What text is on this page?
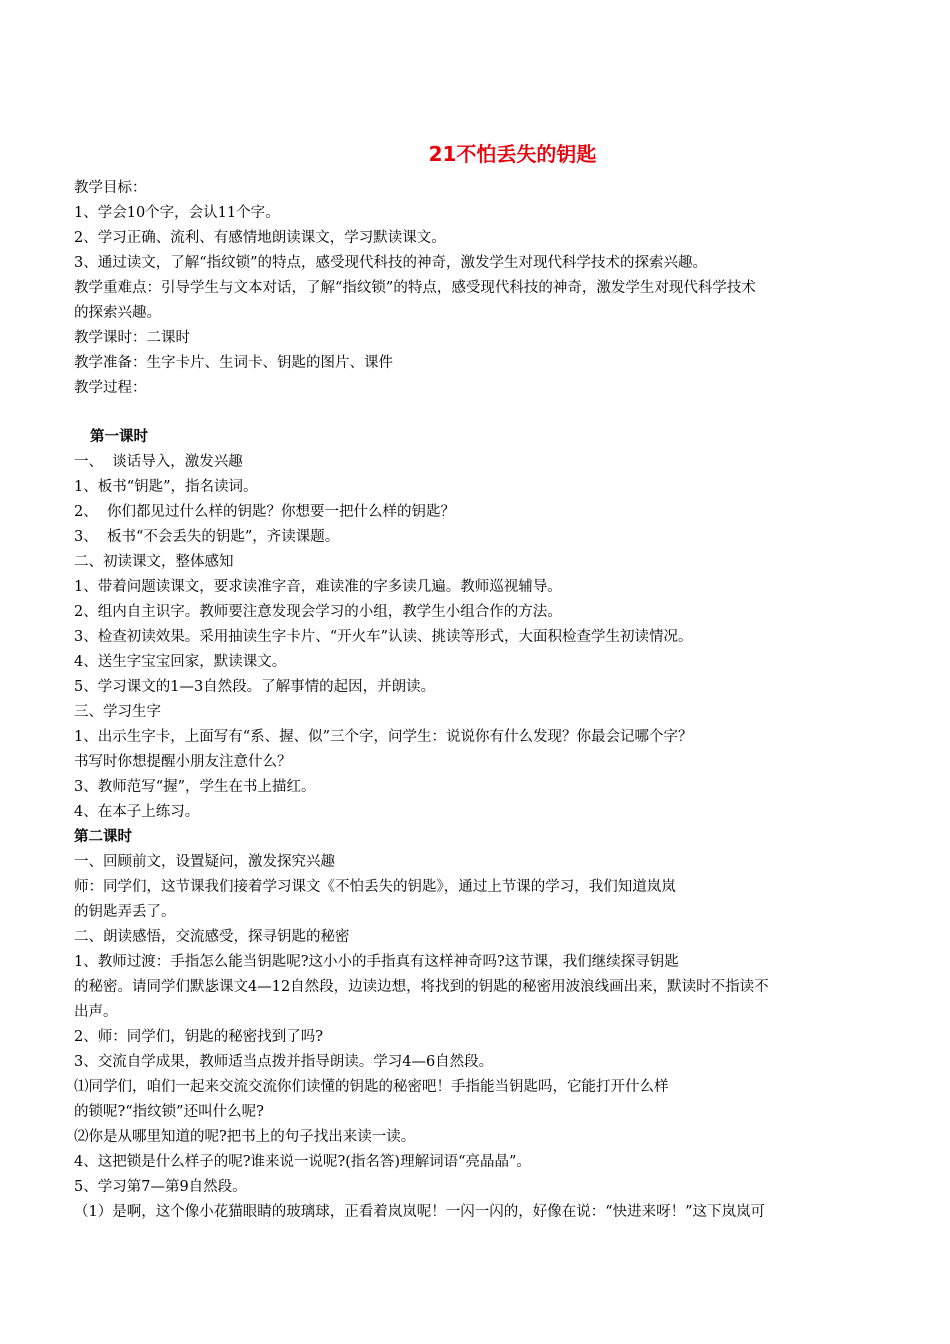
21不怕丢失的钥匙
教学目标：
1、学会10个字，会认11个字。
2、学习正确、流利、有感情地朗读课文，学习默读课文。
3、通过读文，了解“指纹锁”的特点，感受现代科技的神奇，激发学生对现代科学技术的探索兴趣。
教学重难点：引导学生与文本对话，了解“指纹锁”的特点，感受现代科技的神奇，激发学生对现代科学技术
的探索兴趣。
教学课时：二课时
教学准备：生字卡片、生词卡、钥匙的图片、课件
教学过程：
第一课时
一、  谈话导入，激发兴趣
1、板书“钥匙”，指名读词。
2、  你们都见过什么样的钥匙？你想要一把什么样的钥匙？
3、  板书“不会丢失的钥匙”，齐读课题。
二、初读课文，整体感知
1、带着问题读课文，要求读准字音，难读准的字多读几遍。教师巡视辅导。
2、组内自主识字。教师要注意发现会学习的小组，教学生小组合作的方法。
3、检查初读效果。采用抽读生字卡片、“开火车”认读、挑读等形式，大面积检查学生初读情况。
4、送生字宝宝回家，默读课文。
5、学习课文的1—3自然段。了解事情的起因，并朗读。
三、学习生字
1、出示生字卡，上面写有“系、握、似”三个字，问学生：说说你有什么发现？你最会记哪个字？
书写时你想提醒小朋友注意什么？
3、教师范写“握”，学生在书上描红。
4、在本子上练习。
第二课时
一、回顾前文，设置疑问，激发探究兴趣
师：同学们，这节课我们接着学习课文《不怕丢失的钥匙》，通过上节课的学习，我们知道岚岚
的钥匙弄丢了。
二、朗读感悟，交流感受，探寻钥匙的秘密
1、教师过渡：手指怎么能当钥匙呢?这小小的手指真有这样神奇吗?这节课，我们继续探寻钥匙
的秘密。请同学们默毖课文4—12自然段，边读边想，将找到的钥匙的秘密用波浪线画出来，默读时不指读不
出声。
2、师：同学们，钥匙的秘密找到了吗?
3、交流自学成果，教师适当点拨并指导朗读。学习4—6自然段。
⑴同学们，咱们一起来交流交流你们读懂的钥匙的秘密吧！手指能当钥匙吗，它能打开什么样
的锁呢?“指纹锁”还叫什么呢?
⑵你是从哪里知道的呢?把书上的句子找出来读一读。
4、这把锁是什么样子的呢?谁来说一说呢?(指名答)理解词语“亮晶晶”。
5、学习第7—第9自然段。
（1）是啊，这个像小花猫眼睛的玻璃球，正看着岚岚呢！一闪一闪的，好像在说：“快进来呀！”这下岚岚可
